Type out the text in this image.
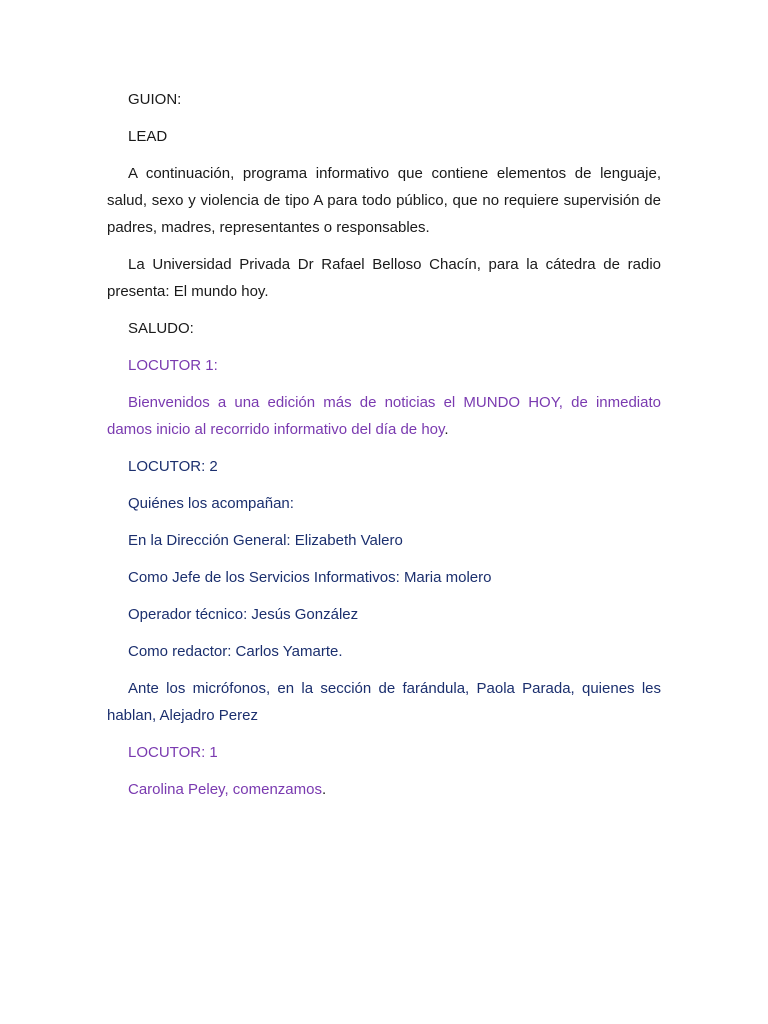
GUION:

LEAD

A continuación, programa informativo que contiene elementos de lenguaje, salud, sexo y violencia de tipo A para todo público, que no requiere supervisión de padres, madres, representantes o responsables.

La Universidad Privada Dr Rafael Belloso Chacín, para la cátedra de radio presenta: El mundo hoy.

SALUDO:

LOCUTOR 1:

Bienvenidos a una edición más de noticias el MUNDO HOY, de inmediato damos inicio al recorrido informativo del día de hoy.

LOCUTOR: 2

Quiénes los acompañan:

En la Dirección General: Elizabeth Valero

Como Jefe de los Servicios Informativos: Maria molero

Operador técnico: Jesús González

Como redactor: Carlos Yamarte.

Ante los micrófonos, en la sección de farándula, Paola Parada, quienes les hablan, Alejadro Perez

LOCUTOR: 1

Carolina Peley, comenzamos.
